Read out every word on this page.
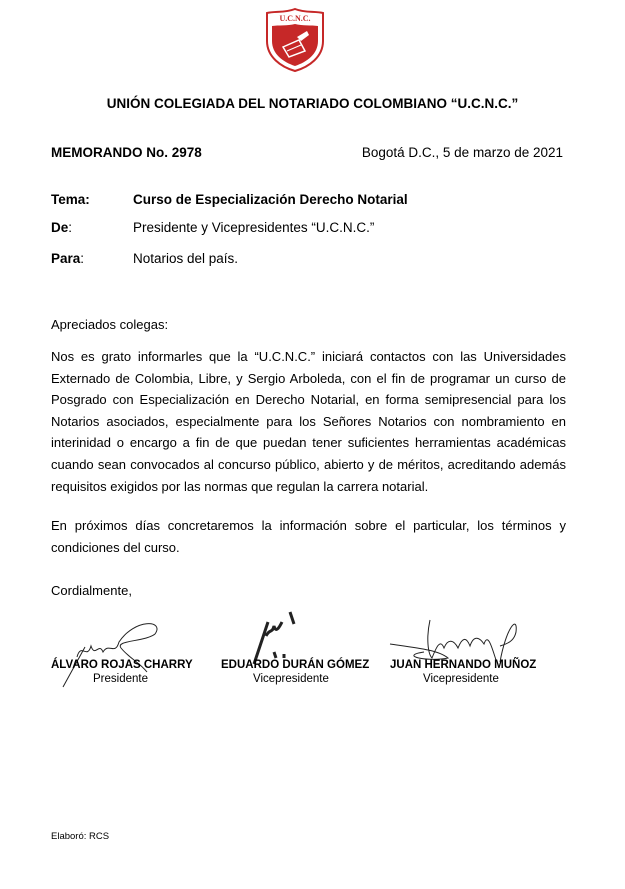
U.C.N.C.
UNIÓN COLEGIADA DEL NOTARIADO COLOMBIANO “U.C.N.C.”
MEMORANDO No. 2978	Bogotá D.C., 5 de marzo de 2021
Tema:	Curso de Especialización Derecho Notarial
De:	Presidente y Vicepresidentes “U.C.N.C.”
Para:	Notarios del país.
Apreciados colegas:
Nos es grato informarles que la “U.C.N.C.” iniciará contactos con las Universidades Externado de Colombia, Libre, y Sergio Arboleda, con el fin de programar un curso de Posgrado con Especialización en Derecho Notarial, en forma semipresencial para los Notarios asociados, especialmente para los Señores Notarios con nombramiento en interinidad o encargo a fin de que puedan tener suficientes herramientas académicas cuando sean convocados al concurso público, abierto y de méritos, acreditando además requisitos exigidos por las normas que regulan la carrera notarial.
En próximos días concretaremos la información sobre el particular, los términos y condiciones del curso.
Cordialmente,
ÁLVARO ROJAS CHARRY
Presidente
EDUARDO DURÁN GÓMEZ
Vicepresidente
JUAN HERNANDO MUÑOZ
Vicepresidente
Elaboró: RCS
